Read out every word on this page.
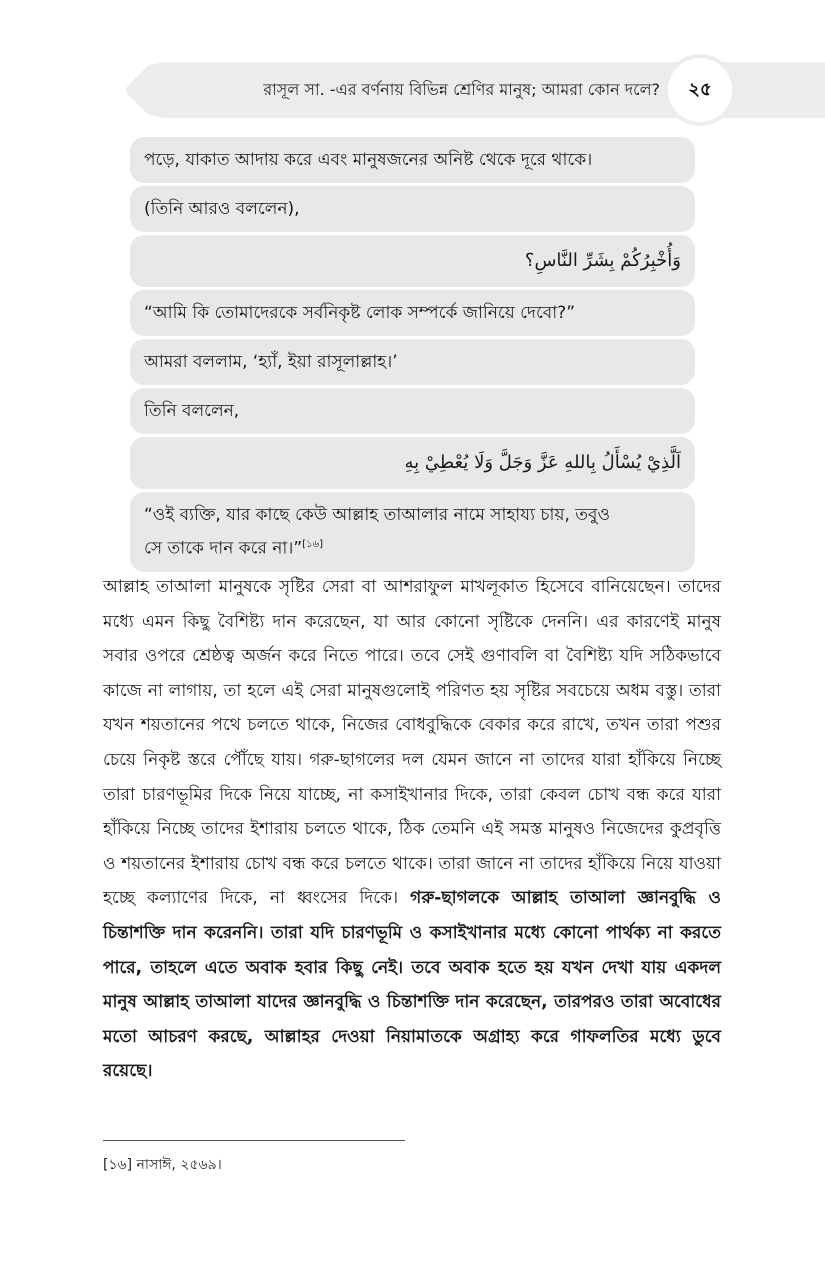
রাসূল সা. -এর বর্ণনায় বিভিন্ন শ্রেণির মানুষ; আমরা কোন দলে?	২৫
পড়ে, যাকাত আদায় করে এবং মানুষজনের অনিষ্ট থেকে দূরে থাকে।
(তিনি আরও বললেন),
وَأُخْبِرُكُمْ بِشَرِّ النَّاسِ؟
“আমি কি তোমাদেরকে সর্বনিকৃষ্ট লোক সম্পর্কে জানিয়ে দেবো?”
আমরা বললাম, ‘হ্যাঁ, ইয়া রাসূলাল্লাহ।’
তিনি বললেন,
اَلَّذِيْ يُسْأَلُ بِاللهِ عَزَّ وَجَلَّ وَلَا يُعْطِيْ بِهِ
“ওই ব্যক্তি, যার কাছে কেউ আল্লাহ তাআলার নামে সাহায্য চায়, তবুও
সে তাকে দান করে না।”[১৬]
আল্লাহ তাআলা মানুষকে সৃষ্টির সেরা বা আশরাফুল মাখলূকাত হিসেবে বানিয়েছেন। তাদের মধ্যে এমন কিছু বৈশিষ্ট্য দান করেছেন, যা আর কোনো সৃষ্টিকে দেননি। এর কারণেই মানুষ সবার ওপরে শ্রেষ্ঠত্ব অর্জন করে নিতে পারে। তবে সেই গুণাবলি বা বৈশিষ্ট্য যদি সঠিকভাবে কাজে না লাগায়, তা হলে এই সেরা মানুষগুলোই পরিণত হয় সৃষ্টির সবচেয়ে অধম বস্তু। তারা যখন শয়তানের পথে চলতে থাকে, নিজের বোধবুদ্ধিকে বেকার করে রাখে, তখন তারা পশুর চেয়ে নিকৃষ্ট স্তরে পৌঁছে যায়। গরু-ছাগলের দল যেমন জানে না তাদের যারা হাঁকিয়ে নিচ্ছে তারা চারণভূমির দিকে নিয়ে যাচ্ছে, না কসাইখানার দিকে, তারা কেবল চোখ বন্ধ করে যারা হাঁকিয়ে নিচ্ছে তাদের ইশারায় চলতে থাকে, ঠিক তেমনি এই সমস্ত মানুষও নিজেদের কুপ্রবৃত্তি ও শয়তানের ইশারায় চোখ বন্ধ করে চলতে থাকে। তারা জানে না তাদের হাঁকিয়ে নিয়ে যাওয়া হচ্ছে কল্যাণের দিকে, না ধ্বংসের দিকে। গরু-ছাগলকে আল্লাহ তাআলা জ্ঞানবুদ্ধি ও চিন্তাশক্তি দান করেননি। তারা যদি চারণভূমি ও কসাইখানার মধ্যে কোনো পার্থক্য না করতে পারে, তাহলে এতে অবাক হবার কিছু নেই। তবে অবাক হতে হয় যখন দেখা যায় একদল মানুষ আল্লাহ তাআলা যাদের জ্ঞানবুদ্ধি ও চিন্তাশক্তি দান করেছেন, তারপরও তারা অবোধের মতো আচরণ করছে, আল্লাহর দেওয়া নিয়ামাতকে অগ্রাহ্য করে গাফলতির মধ্যে ডুবে রয়েছে।
[১৬] নাসাঈ, ২৫৬৯।
